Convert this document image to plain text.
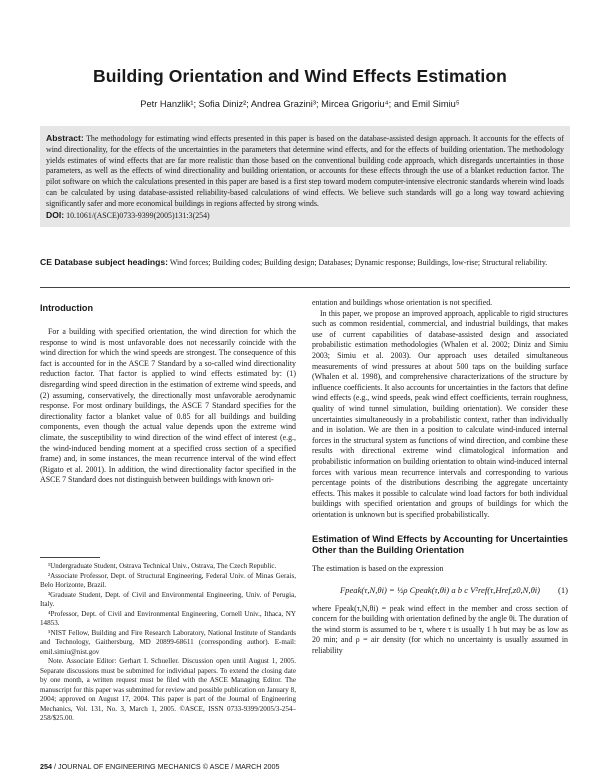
Building Orientation and Wind Effects Estimation
Petr Hanzlik¹; Sofia Diniz²; Andrea Grazini³; Mircea Grigoriu⁴; and Emil Simiu⁵

Abstract: The methodology for estimating wind effects presented in this paper is based on the database-assisted design approach. It accounts for the effects of wind directionality, for the effects of the uncertainties in the parameters that determine wind effects, and for the effects of building orientation. The methodology yields estimates of wind effects that are far more realistic than those based on the conventional building code approach, which disregards uncertainties in those parameters, as well as the effects of wind directionality and building orientation, or accounts for these effects through the use of a blanket reduction factor. The pilot software on which the calculations presented in this paper are based is a first step toward modern computer-intensive electronic standards wherein wind loads can be calculated by using database-assisted reliability-based calculations of wind effects. We believe such standards will go a long way toward achieving significantly safer and more economical buildings in regions affected by strong winds.

DOI: 10.1061/(ASCE)0733-9399(2005)131:3(254)

CE Database subject headings: Wind forces; Building codes; Building design; Databases; Dynamic response; Buildings, low-rise; Structural reliability.

Introduction

For a building with specified orientation, the wind direction for which the response to wind is most unfavorable does not necessarily coincide with the wind direction for which the wind speeds are strongest. The consequence of this fact is accounted for in the ASCE 7 Standard by a so-called wind directionality reduction factor. That factor is applied to wind effects estimated by: (1) disregarding wind speed direction in the estimation of extreme wind speeds, and (2) assuming, conservatively, the directionally most unfavorable aerodynamic response. For most ordinary buildings, the ASCE 7 Standard specifies for the directionality factor a blanket value of 0.85 for all buildings and building components, even though the actual value depends upon the extreme wind climate, the susceptibility to wind direction of the wind effect of interest (e.g., the wind-induced bending moment at a specified cross section of a specified frame) and, in some instances, the mean recurrence interval of the wind effect (Rigato et al. 2001). In addition, the wind directionality factor specified in the ASCE 7 Standard does not distinguish between buildings with known ori-

¹Undergraduate Student, Ostrava Technical Univ., Ostrava, The Czech Republic.

²Associate Professor, Dept. of Structural Engineering, Federal Univ. of Minas Gerais, Belo Horizonte, Brazil.

³Graduate Student, Dept. of Civil and Environmental Engineering, Univ. of Perugia, Italy.

⁴Professor, Dept. of Civil and Environmental Engineering, Cornell Univ., Ithaca, NY 14853.

⁵NIST Fellow, Building and Fire Research Laboratory, National Institute of Standards and Technology, Gaithersburg, MD 20899-68611 (corresponding author). E-mail: emil.simiu@nist.gov

Note. Associate Editor: Gerhart I. Schueller. Discussion open until August 1, 2005. Separate discussions must be submitted for individual papers. To extend the closing date by one month, a written request must be filed with the ASCE Managing Editor. The manuscript for this paper was submitted for review and possible publication on January 8, 2004; approved on August 17, 2004. This paper is part of the Journal of Engineering Mechanics, Vol. 131, No. 3, March 1, 2005. ©ASCE, ISSN 0733-9399/2005/3-254–258/$25.00.

entation and buildings whose orientation is not specified.

In this paper, we propose an improved approach, applicable to rigid structures such as common residential, commercial, and industrial buildings, that makes use of current capabilities of database-assisted design and associated probabilistic estimation methodologies (Whalen et al. 2002; Diniz and Simiu 2003; Simiu et al. 2003). Our approach uses detailed simultaneous measurements of wind pressures at about 500 taps on the building surface (Whalen et al. 1998), and comprehensive characterizations of the structure by influence coefficients. It also accounts for uncertainties in the factors that define wind effects (e.g., wind speeds, peak wind effect coefficients, terrain roughness, quality of wind tunnel simulation, building orientation). We consider these uncertainties simultaneously in a probabilistic context, rather than individually and in isolation. We are then in a position to calculate wind-induced internal forces in the structural system as functions of wind direction, and combine these results with directional extreme wind climatological information and probabilistic information on building orientation to obtain wind-induced internal forces with various mean recurrence intervals and corresponding to various percentage points of the distributions describing the aggregate uncertainty effects. This makes it possible to calculate wind load factors for both individual buildings with specified orientation and groups of buildings for which the orientation is unknown but is specified probabilistically.

Estimation of Wind Effects by Accounting for Uncertainties Other than the Building Orientation

The estimation is based on the expression

Fpeak(τ,N,θi) = ½ρ Cpeak(τ,θi) a b c V²ref(τ,Href,z0,N,θi) (1)

where Fpeak(τ,N,θi) = peak wind effect in the member and cross section of concern for the building with orientation defined by the angle θi. The duration of the wind storm is assumed to be τ, where τ is usually 1 h but may be as low as 20 min; and ρ = air density (for which no uncertainty is usually assumed in reliability

254 / JOURNAL OF ENGINEERING MECHANICS © ASCE / MARCH 2005
